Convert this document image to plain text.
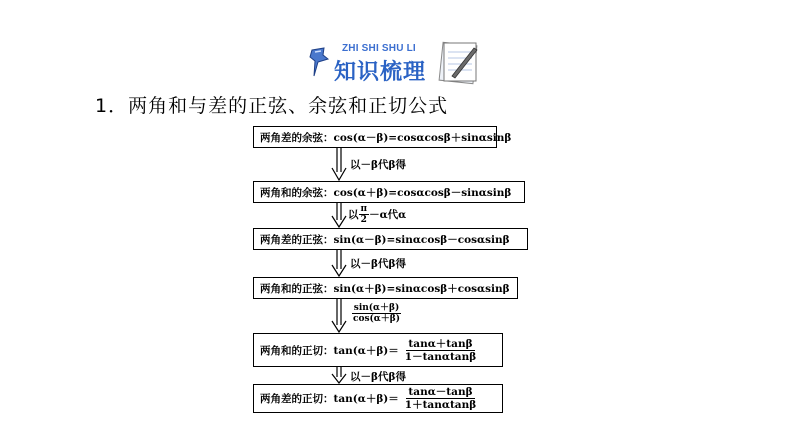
ZHI SHI SHU LI
知识梳理
1．两角和与差的正弦、余弦和正切公式
两角差的余弦： cos(α－β)=cosαcosβ＋sinαsinβ
以－β代β得
两角和的余弦： cos(α＋β)=cosαcosβ－sinαsinβ
以 $\frac{\pi}{2} -\alpha$代α
两角差的正弦： sin(α－β)=sinαcosβ－cosαsinβ
以－β代β得
两角和的正弦： sin(α＋β)=sinαcosβ＋cosαsinβ
$\frac{\sin(\alpha+\beta)}{\cos(\alpha+\beta)}$
两角和的正切： $\tan(\alpha+\beta)= \frac{\tan\alpha+\tan\beta}{1-\tan\alpha\tan\beta}$
以－β代β得
两角差的正切： $\tan(\alpha+\beta)= \frac{\tan\alpha-\tan\beta}{1+\tan\alpha\tan\beta}$
